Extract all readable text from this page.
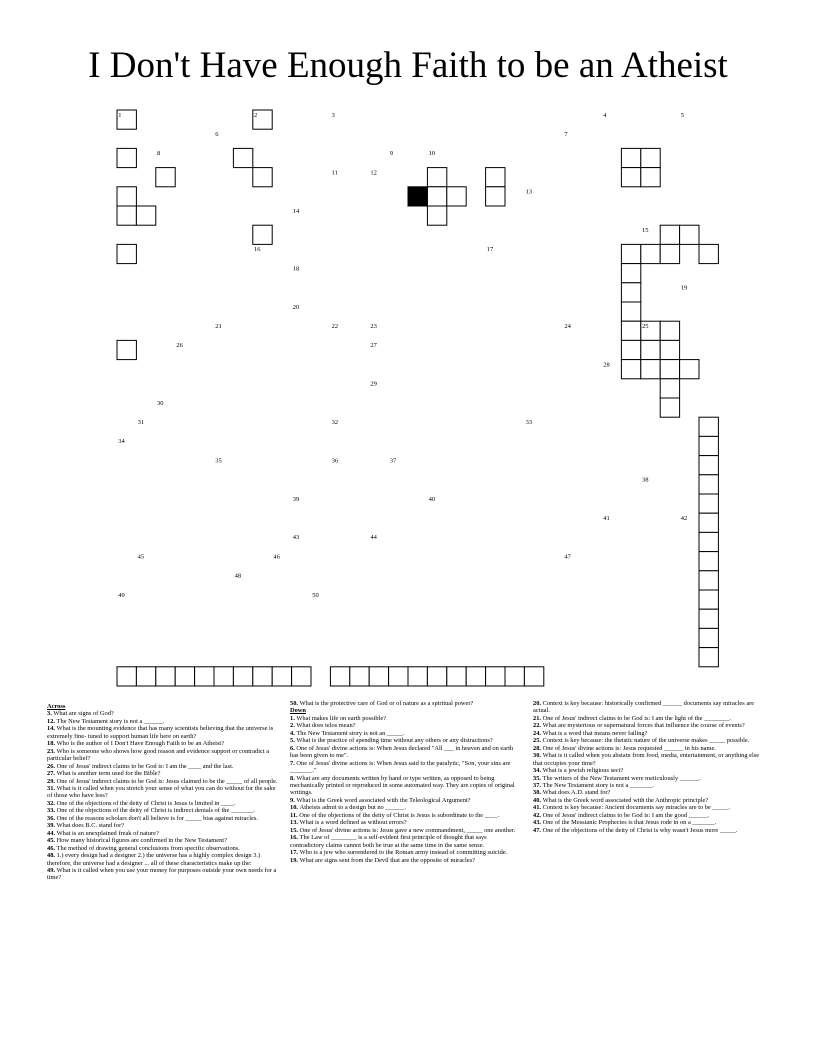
I Don't Have Enough Faith to be an Atheist
1	2	3	4	5
6	7
8	9	10
11	12
13
14
15
16	17
18
19
20
21	22	23	24	25
26	27
28
29
30
31	32	33
34
35	36	37
38
39	40
41	42
43	44
45	46	47
48
49	50
Across
3. What are signs of God?
12. The New Testament story is not a ______.
14. What is the mounting evidence that has many scientists believing that the universe is extremely fine- tuned to support human life here on earth?
18. Who is the author of I Don't Have Enough Faith to be an Atheist?
23. Who is someone who shows how good reason and evidence support or contradict a particular belief?
26. One of Jesus' indirect claims to be God is: I am the ____ and the last.
27. What is another term used for the Bible?
29. One of Jesus' indirect claims to be God is: Jesus claimed to be the _____ of all people.
31. What is it called when you stretch your sense of what you can do without for the sake of those who have less?
32. One of the objections of the deity of Christ is Jesus is limited in ____.
33. One of the objections of the deity of Christ is indirect denials of the _______.
36. One of the reasons scholars don't all believe is for _____ bias against miracles.
39. What does B.C. stand for?
44. What is an unexplained freak of nature?
45. How many historical figures are confirmed in the New Testament?
46. The method of drawing general conclusions from specific observations.
48. 1.) every design had a designer 2.) the universe has a highly complex design 3.) therefore, the universe had a designer ... all of these characteristics make up the:
49. What is it called when you use your money for purposes outside your own needs for a time?
50. What is the protective care of God or of nature as a spiritual power?
Down
1. What makes life on earth possible?
2. What does telos mean?
4. The New Testament story is not an _____.
5. What is the practice of spending time without any others or any distractions?
6. One of Jesus' divine actions is: When Jesus declared "All ___ in heaven and on earth has been given to me".
7. One of Jesus' divine actions is: When Jesus said to the paralytic, "Son, your sins are _______."
8. What are any documents written by hand or type written, as opposed to being mechanically printed or reproduced in some automated way. They are copies of original writings.
9. What is the Greek word associated with the Teleological Argument?
10. Atheists admit to a design but no ______.
11. One of the objections of the deity of Christ is Jesus is subordinate to the ____.
13. What is a word defined as without errors?
15. One of Jesus' divine actions is: Jesus gave a new commandment, _____ one another.
16. The Law of ________ is a self-evident first principle of thought that says contradictory claims cannot both be true at the same time in the same sense.
17. Who is a jew who surrendered to the Roman army instead of committing suicide.
19. What are signs sent from the Devil that are the opposite of miracles?
20. Context is key because: historically confirmed ______ documents say miracles are actual.
21. One of Jesus' indirect claims to be God is: I am the light of the ________.
22. What are mysterious or supernatural forces that influence the course of events?
24. What is a word that means never failing?
25. Context is key because: the theistic nature of the universe makes _____ possible.
28. One of Jesus' divine actions is: Jesus requested ______ in his name.
30. What is it called when you abstain from food, media, entertainment, or anything else that occupies your time?
34. What is a jewish religious sect?
35. The writers of the New Testament were meticulously ______.
37. The New Testament story is not a _______.
38. What does A.D. stand for?
40. What is the Greek word associated with the Anthropic principle?
41. Context is key because: Ancient documents say miracles are to be _____.
42. One of Jesus' indirect claims to be God is: I am the good ______.
43. One of the Messianic Prophecies is that Jesus rode in on a _______.
47. One of the objections of the deity of Christ is why wasn't Jesus more _____.
